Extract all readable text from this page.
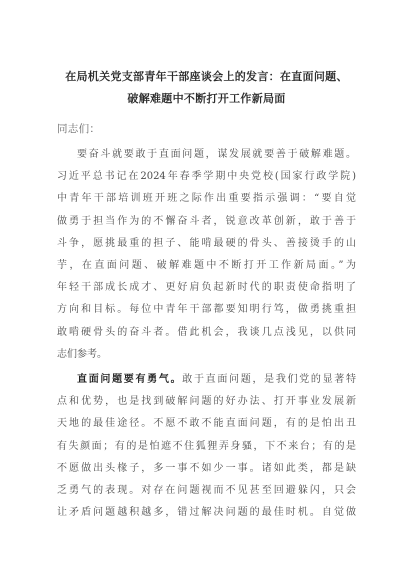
在局机关党支部青年干部座谈会上的发言：在直面问题、
破解难题中不断打开工作新局面

同志们：

要奋斗就要敢于直面问题，谋发展就要善于破解难题。
习近平总书记在2024年春季学期中央党校(国家行政学院)
中青年干部培训班开班之际作出重要指示强调：“要自觉
做勇于担当作为的不懈奋斗者，锐意改革创新，敢于善于
斗争，愿挑最重的担子、能啃最硬的骨头、善接烫手的山
芋，在直面问题、破解难题中不断打开工作新局面。”为
年轻干部成长成才、更好肩负起新时代的职责使命指明了
方向和目标。每位中青年干部都要知明行笃，做勇挑重担
敢啃硬骨头的奋斗者。借此机会，我谈几点浅见，以供同
志们参考。

直面问题要有勇气。敢于直面问题，是我们党的显著特
点和优势，也是找到破解问题的好办法、打开事业发展新
天地的最佳途径。不愿不敢不能直面问题，有的是怕出丑
有失颜面；有的是怕遮不住狐狸弄身骚，下不来台；有的是
不愿做出头椽子，多一事不如少一事。诸如此类，都是缺
乏勇气的表现。对存在问题视而不见甚至回避躲闪，只会
让矛盾问题越积越多，错过解决问题的最佳时机。自觉做
